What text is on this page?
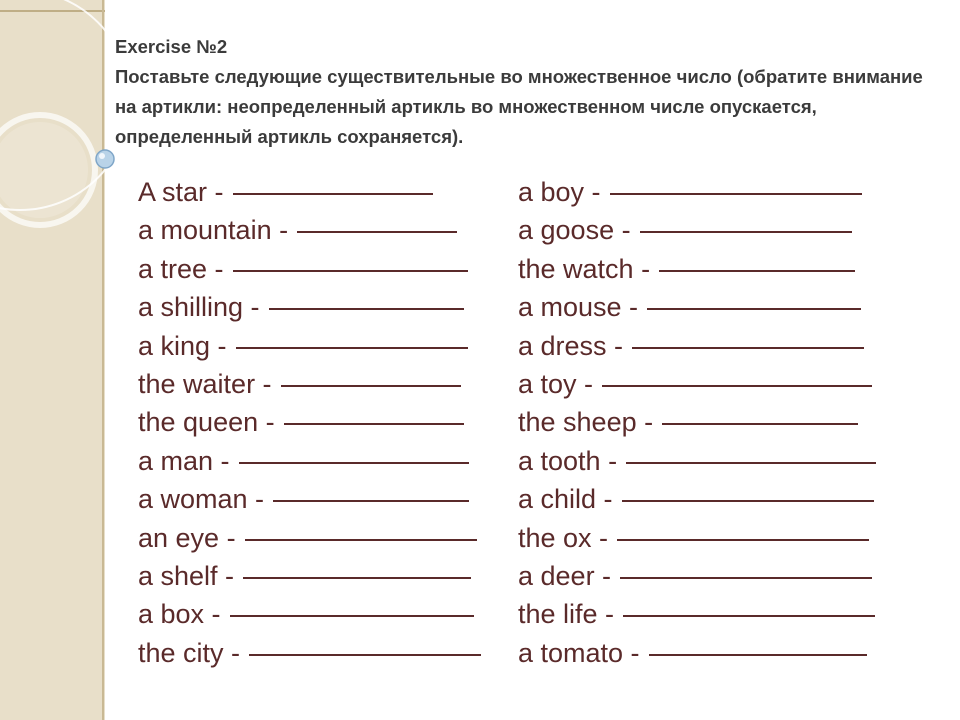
Exercise №2
Поставьте следующие существительные во множественное число (обратите внимание на артикли: неопределенный артикль во множественном числе опускается, определенный артикль сохраняется).
A star -
a mountain -
a tree -
a shilling -
a king -
the waiter -
the queen -
a man -
a woman -
an eye -
a shelf -
a box -
the city -
a boy -
a goose -
the watch -
a mouse -
a dress -
a toy -
the sheep -
a tooth -
a child -
the ox -
a deer -
the life -
a tomato -
